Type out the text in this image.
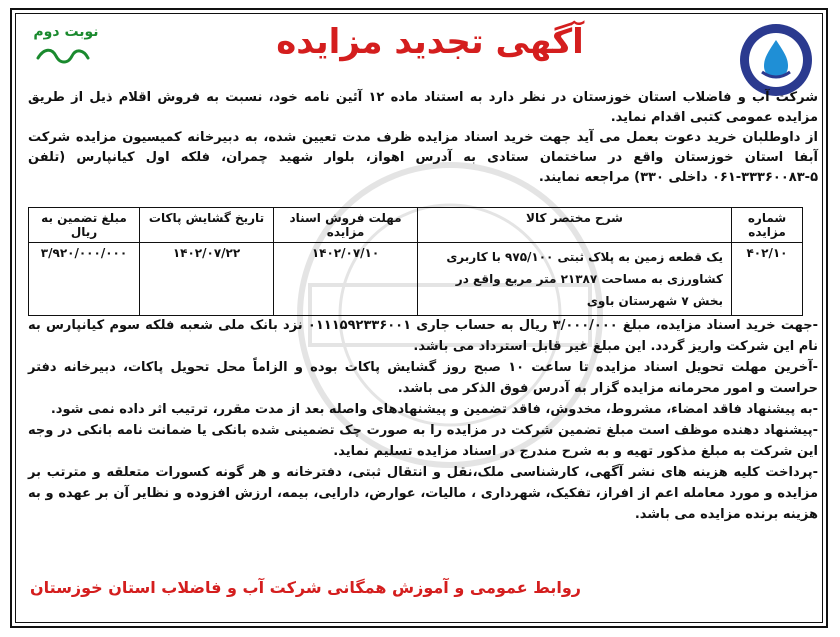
نوبت دوم	آگهی تجدید مزایده

شرکت آب و فاضلاب استان خوزستان در نظر دارد به استناد ماده ۱۲ آئین نامه خود، نسبت به فروش اقلام ذیل از طریق مزایده عمومی کتبی اقدام نماید.

از داوطلبان خرید دعوت بعمل می آید جهت خرید اسناد مزایده ظرف مدت تعیین شده، به دبیرخانه کمیسیون مزایده شرکت آبفا استان خوزستان واقع در ساختمان ستادی به آدرس اهواز، بلوار شهید چمران، فلکه اول کیانپارس (تلفن ۵-۳۳۳۶۰۰۸۳-۰۶۱ داخلی ۳۳۰) مراجعه نمایند.

شماره مزایده	شرح مختصر کالا	مهلت فروش اسناد مزایده	تاریخ گشایش پاکات	مبلغ تضمین به ریال
۴۰۲/۱۰	یک قطعه زمین به پلاک ثبتی ۹۷۵/۱۰۰ با کاربری کشاورزی به مساحت ۲۱۳۸۷ متر مربع واقع در بخش ۷ شهرستان باوی	۱۴۰۲/۰۷/۱۰	۱۴۰۲/۰۷/۲۲	۳/۹۲۰/۰۰۰/۰۰۰

-جهت خرید اسناد مزایده، مبلغ ۳/۰۰۰/۰۰۰ ریال به حساب جاری ۰۱۱۱۵۹۲۳۳۶۰۰۱ نزد بانک ملی شعبه فلکه سوم کیانپارس به نام این شرکت واریز گردد. این مبلغ غیر قابل استرداد می باشد.

-آخرین مهلت تحویل اسناد مزایده تا ساعت ۱۰ صبح روز گشایش پاکات بوده و الزاماً محل تحویل پاکات، دبیرخانه دفتر حراست و امور محرمانه مزایده گزار به آدرس فوق الذکر می باشد.

-به پیشنهاد فاقد امضاء، مشروط، مخدوش، فاقد تضمین و پیشنهادهای واصله بعد از مدت مقرر، ترتیب اثر داده نمی شود.

-پیشنهاد دهنده موظف است مبلغ تضمین شرکت در مزایده را به صورت چک تضمینی شده بانکی یا ضمانت نامه بانکی در وجه این شرکت به مبلغ مذکور تهیه و به شرح مندرج در اسناد مزایده تسلیم نماید.

-پرداخت کلیه هزینه های نشر آگهی، کارشناسی ملک،نقل و انتقال ثبتی، دفترخانه و هر گونه کسورات متعلقه و مترتب بر مزایده و مورد معامله اعم از افراز، تفکیک، شهرداری ، مالیات، عوارض، دارایی، بیمه، ارزش افزوده و نظایر آن بر عهده و به هزینه برنده مزایده می باشد.

روابط عمومی و آموزش همگانی شرکت آب و فاضلاب استان خوزستان
